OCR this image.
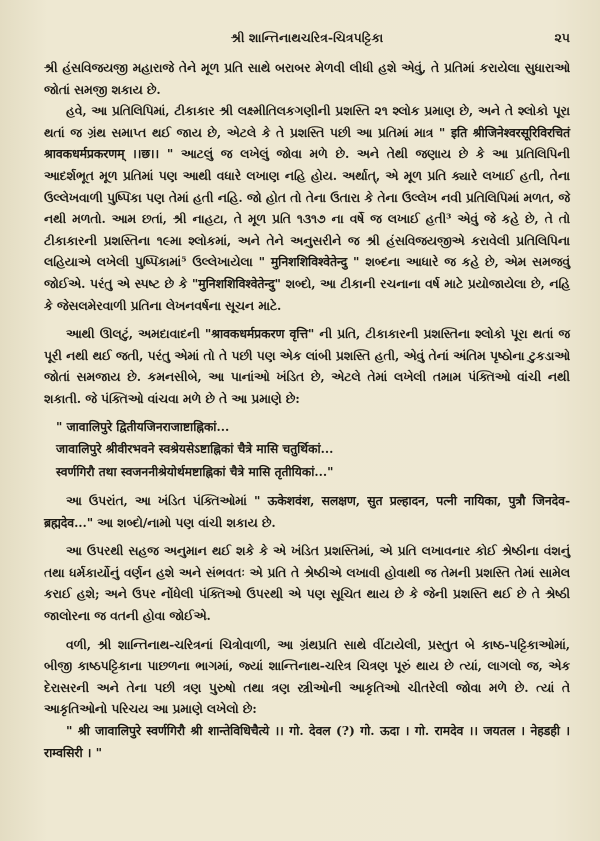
શ્રી શાન્તિનાથચરિત્ર-ચિત્રપટ્ટિકા	૨૫

શ્રી હંસવિજયજી મહારાજે તેને મૂળ પ્રતિ સાથે બરાબર મેળવી લીધી હશે એવું, તે પ્રતિમાં કરાયેલા સુધારાઓ જોતાં સમજી શકાય છે.

હવે, આ પ્રતિલિપિમાં, ટીકાકાર શ્રી લક્ષ્મીતિલકગણીની પ્રશસ્તિ ૨૧ શ્લોક પ્રમાણ છે, અને તે શ્લોકો પૂરા થતાં જ ગ્રંથ સમાપ્ત થઈ જાય છે, એટલે કે તે પ્રશસ્તિ પછી આ પ્રતિમાં માત્ર " इति श्रीजिनेश्वरसूरिविरचितं श्रावकधर्मप्रकरणम् ।।छ।। " આટલું જ લખેલું જોવા મળે છે. અને તેથી જણાય છે કે આ પ્રતિલિપિની આદર્શભૂત મૂળ પ્રતિમાં પણ આથી વધારે લખાણ નહિ હોય. અર્થાત્, એ મૂળ પ્રતિ ક્યારે લખાઈ હતી, તેના ઉલ્લેખવાળી પુષ્પિકા પણ તેમાં હતી નહિ. જો હોત તો તેના ઉતારા કે તેના ઉલ્લેખ નવી પ્રતિલિપિમાં મળત, જે નથી મળતો. આમ છતાં, શ્રી નાહટા, તે મૂળ પ્રતિ ૧૩૧૭ ના વર્ષે જ લખાઈ હતી³ એવું જે કહે છે, તે તો ટીકાકારની પ્રશસ્તિના ૧૯મા શ્લોકમાં, અને તેને અનુસરીને જ શ્રી હંસવિજયજીએ કરાવેલી પ્રતિલિપિના લહિયાએ લખેલી પુષ્પિકામાં⁵ ઉલ્લેખાયેલા " मुनिशशिविश्वेतेन्दु " શબ્દના આધારે જ કહે છે, એમ સમજવું જોઈએ. પરંતુ એ સ્પષ્ટ છે કે "मुनिशशिविश्वेतेन्दु" શબ્દો, આ ટીકાની રચનાના વર્ષ માટે પ્રયોજાયેલા છે, નહિ કે જેસલમેરવાળી પ્રતિના લેખનવર્ષના સૂચન માટે.

આથી ઊલટું, અમદાવાદની "श्रावकधर्मप्रकरण वृत्ति" ની પ્રતિ, ટીકાકારની પ્રશસ્તિના શ્લોકો પૂરા થતાં જ પૂરી નથી થઈ જતી, પરંતુ એમાં તો તે પછી પણ એક લાંબી પ્રશસ્તિ હતી, એવું તેનાં અંતિમ પૃષ્ઠોના ટુકડાઓ જોતાં સમજાય છે. કમનસીબે, આ પાનાંઓ ખંડિત છે, એટલે તેમાં લખેલી તમામ પંક્તિઓ વાંચી નથી શકાતી. જે પંક્તિઓ વાંચવા મળે છે તે આ પ્રમાણે છે:

" जावालिपुरे द्वितीयजिनराजाष्टाह्निकां...
जावालिपुरे श्रीवीरभवने स्वश्रेयसेऽष्टाह्निकां चैत्रे मासि चतुर्थिकां...
स्वर्णगिरौ तथा स्वजननीश्रेयोर्थमष्टाह्निकां चैत्रे मासि तृतीयिकां..."

આ ઉપરાંત, આ ખંડિત પંક્તિઓમાં " ऊकेशवंश, सलक्षण, सुत प्रल्हादन, पत्नी नायिका, पुत्रौ जिनदेव-ब्रह्मदेव..." આ શબ્દો/નામો પણ વાંચી શકાય છે.

આ ઉપરથી સહજ અનુમાન થઈ શકે કે એ ખંડિત પ્રશસ્તિમાં, એ પ્રતિ લખાવનાર કોઈ શ્રેષ્ઠીના વંશનું તથા ધર્મકાર્યોનું વર્ણન હશે અને સંભવતઃ એ પ્રતિ તે શ્રેષ્ઠીએ લખાવી હોવાથી જ તેમની પ્રશસ્તિ તેમાં સામેલ કરાઈ હશે; અને ઉપર નોંધેલી પંક્તિઓ ઉપરથી એ પણ સૂચિત થાય છે કે જેની પ્રશસ્તિ થઈ છે તે શ્રેષ્ઠી જાલોરના જ વતની હોવા જોઈએ.

વળી, શ્રી શાન્તિનાથ-ચરિત્રનાં ચિત્રોવાળી, આ ગ્રંથપ્રતિ સાથે વીંટાયેલી, પ્રસ્તુત બે કાષ્ઠ-પટ્ટિકાઓમાં, બીજી કાષ્ઠપટ્ટિકાના પાછળના ભાગમાં, જ્યાં શાન્તિનાથ-ચરિત્ર ચિત્રણ પૂરું થાય છે ત્યાં, લાગલો જ, એક દેરાસરની અને તેના પછી ત્રણ પુરુષો તથા ત્રણ સ્ત્રીઓની આકૃતિઓ ચીતરેલી જોવા મળે છે. ત્યાં તે આકૃતિઓનો પરિચય આ પ્રમાણે લખેલો છે:

" श्री जावालिपुरे स्वर्णगिरौ श्री शान्तेविधिचैत्ये ।। गो. देवल (?) गो. ऊदा । गो. रामदेव ।। जयतल । नेहडही । राम्वसिरी । "
